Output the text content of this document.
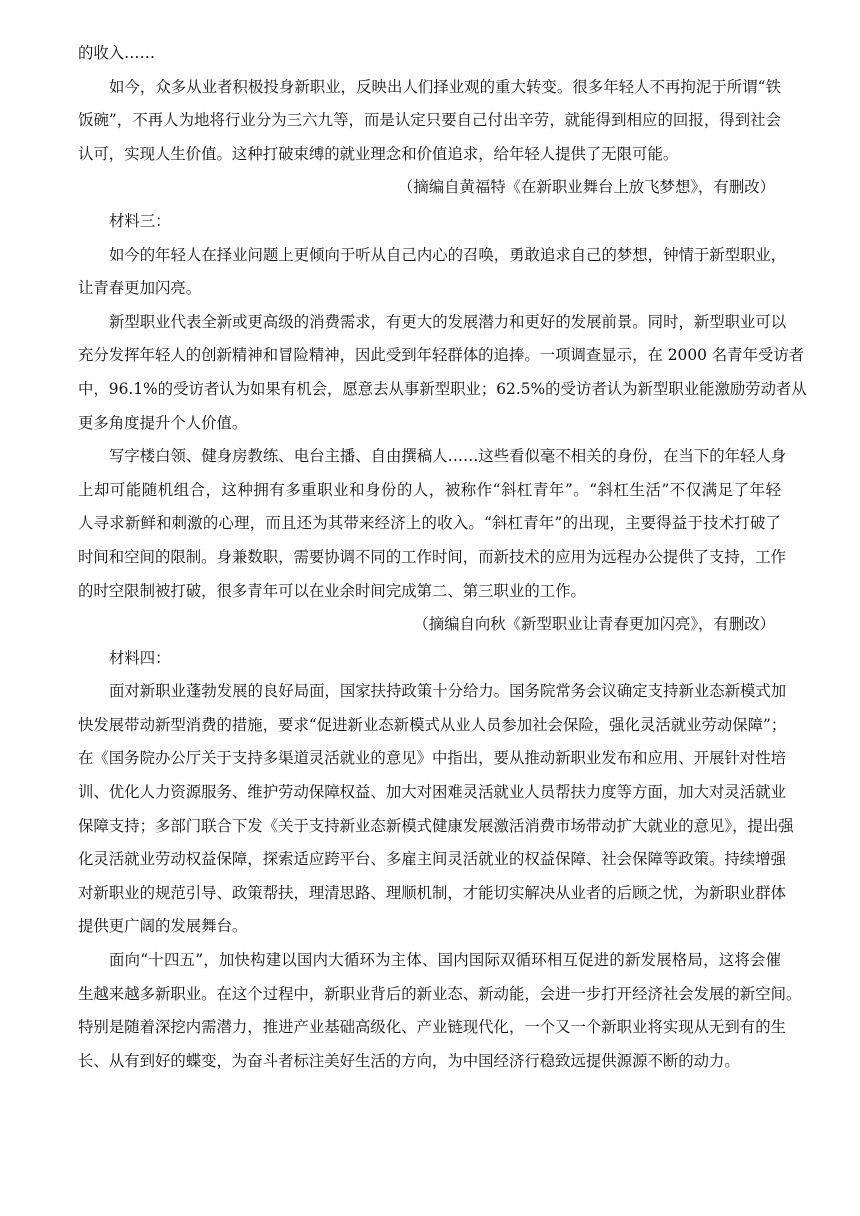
的收入……
如今，众多从业者积极投身新职业，反映出人们择业观的重大转变。很多年轻人不再拘泥于所谓“铁
饭碗”，不再人为地将行业分为三六九等，而是认定只要自己付出辛劳，就能得到相应的回报，得到社会
认可，实现人生价值。这种打破束缚的就业理念和价值追求，给年轻人提供了无限可能。
（摘编自黄福特《在新职业舞台上放飞梦想》，有删改）
材料三：
如今的年轻人在择业问题上更倾向于听从自己内心的召唤，勇敢追求自己的梦想，钟情于新型职业，
让青春更加闪亮。
新型职业代表全新或更高级的消费需求，有更大的发展潜力和更好的发展前景。同时，新型职业可以
充分发挥年轻人的创新精神和冒险精神，因此受到年轻群体的追捧。一项调查显示，在 2000 名青年受访者
中，96.1%的受访者认为如果有机会，愿意去从事新型职业；62.5%的受访者认为新型职业能激励劳动者从
更多角度提升个人价值。
写字楼白领、健身房教练、电台主播、自由撰稿人……这些看似毫不相关的身份，在当下的年轻人身
上却可能随机组合，这种拥有多重职业和身份的人，被称作“斜杠青年”。“斜杠生活”不仅满足了年轻
人寻求新鲜和刺激的心理，而且还为其带来经济上的收入。“斜杠青年”的出现，主要得益于技术打破了
时间和空间的限制。身兼数职，需要协调不同的工作时间，而新技术的应用为远程办公提供了支持，工作
的时空限制被打破，很多青年可以在业余时间完成第二、第三职业的工作。
（摘编自向秋《新型职业让青春更加闪亮》，有删改）
材料四：
面对新职业蓬勃发展的良好局面，国家扶持政策十分给力。国务院常务会议确定支持新业态新模式加
快发展带动新型消费的措施，要求“促进新业态新模式从业人员参加社会保险，强化灵活就业劳动保障”；
在《国务院办公厅关于支持多渠道灵活就业的意见》中指出，要从推动新职业发布和应用、开展针对性培
训、优化人力资源服务、维护劳动保障权益、加大对困难灵活就业人员帮扶力度等方面，加大对灵活就业
保障支持；多部门联合下发《关于支持新业态新模式健康发展激活消费市场带动扩大就业的意见》，提出强
化灵活就业劳动权益保障，探索适应跨平台、多雇主间灵活就业的权益保障、社会保障等政策。持续增强
对新职业的规范引导、政策帮扶，理清思路、理顺机制，才能切实解决从业者的后顾之忧，为新职业群体
提供更广阔的发展舞台。
面向“十四五”，加快构建以国内大循环为主体、国内国际双循环相互促进的新发展格局，这将会催
生越来越多新职业。在这个过程中，新职业背后的新业态、新动能，会进一步打开经济社会发展的新空间。
特别是随着深挖内需潜力，推进产业基础高级化、产业链现代化，一个又一个新职业将实现从无到有的生
长、从有到好的蝶变，为奋斗者标注美好生活的方向，为中国经济行稳致远提供源源不断的动力。
